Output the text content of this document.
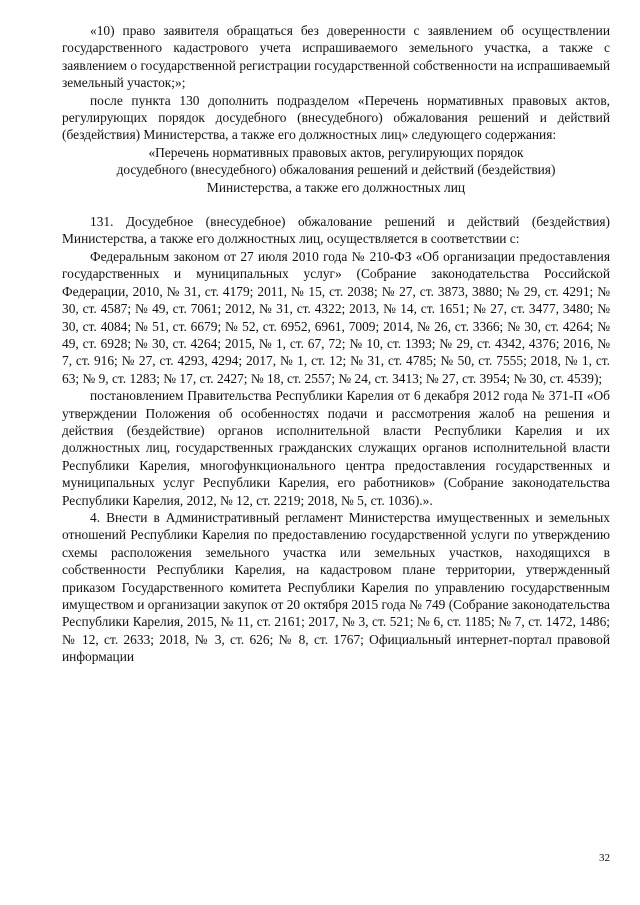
«10) право заявителя обращаться без доверенности с заявлением об осуществлении государственного кадастрового учета испрашиваемого земельного участка, а также с заявлением о государственной регистрации государственной собственности на испрашиваемый земельный участок;»;

после пункта 130 дополнить подразделом «Перечень нормативных правовых актов, регулирующих порядок досудебного (внесудебного) обжалования решений и действий (бездействия) Министерства, а также его должностных лиц» следующего содержания:

«Перечень нормативных правовых актов, регулирующих порядок
досудебного (внесудебного) обжалования решений и действий (бездействия)
Министерства, а также его должностных лиц

131. Досудебное (внесудебное) обжалование решений и действий (бездействия) Министерства, а также его должностных лиц, осуществляется в соответствии с:

Федеральным законом от 27 июля 2010 года № 210-ФЗ «Об организации предоставления государственных и муниципальных услуг» (Собрание законодательства Российской Федерации, 2010, № 31, ст. 4179; 2011, № 15, ст. 2038; № 27, ст. 3873, 3880; № 29, ст. 4291; № 30, ст. 4587; № 49, ст. 7061; 2012, № 31, ст. 4322; 2013, № 14, ст. 1651; № 27, ст. 3477, 3480; № 30, ст. 4084; № 51, ст. 6679; № 52, ст. 6952, 6961, 7009; 2014, № 26, ст. 3366; № 30, ст. 4264; № 49, ст. 6928; № 30, ст. 4264; 2015, № 1, ст. 67, 72; № 10, ст. 1393; № 29, ст. 4342, 4376; 2016, № 7, ст. 916; № 27, ст. 4293, 4294; 2017, № 1, ст. 12; № 31, ст. 4785; № 50, ст. 7555; 2018, № 1, ст. 63; № 9, ст. 1283; № 17, ст. 2427; № 18, ст. 2557; № 24, ст. 3413; № 27, ст. 3954; № 30, ст. 4539);

постановлением Правительства Республики Карелия от 6 декабря 2012 года № 371-П «Об утверждении Положения об особенностях подачи и рассмотрения жалоб на решения и действия (бездействие) органов исполнительной власти Республики Карелия и их должностных лиц, государственных гражданских служащих органов исполнительной власти Республики Карелия, многофункционального центра предоставления государственных и муниципальных услуг Республики Карелия, его работников» (Собрание законодательства Республики Карелия, 2012, № 12, ст. 2219; 2018, № 5, ст. 1036).».

4. Внести в Административный регламент Министерства имущественных и земельных отношений Республики Карелия по предоставлению государственной услуги по утверждению схемы расположения земельного участка или земельных участков, находящихся в собственности Республики Карелия, на кадастровом плане территории, утвержденный приказом Государственного комитета Республики Карелия по управлению государственным имуществом и организации закупок от 20 октября 2015 года № 749 (Собрание законодательства Республики Карелия, 2015, № 11, ст. 2161; 2017, № 3, ст. 521; № 6, ст. 1185; № 7, ст. 1472, 1486; № 12, ст. 2633; 2018, № 3, ст. 626; № 8, ст. 1767; Официальный интернет-портал правовой информации

32
